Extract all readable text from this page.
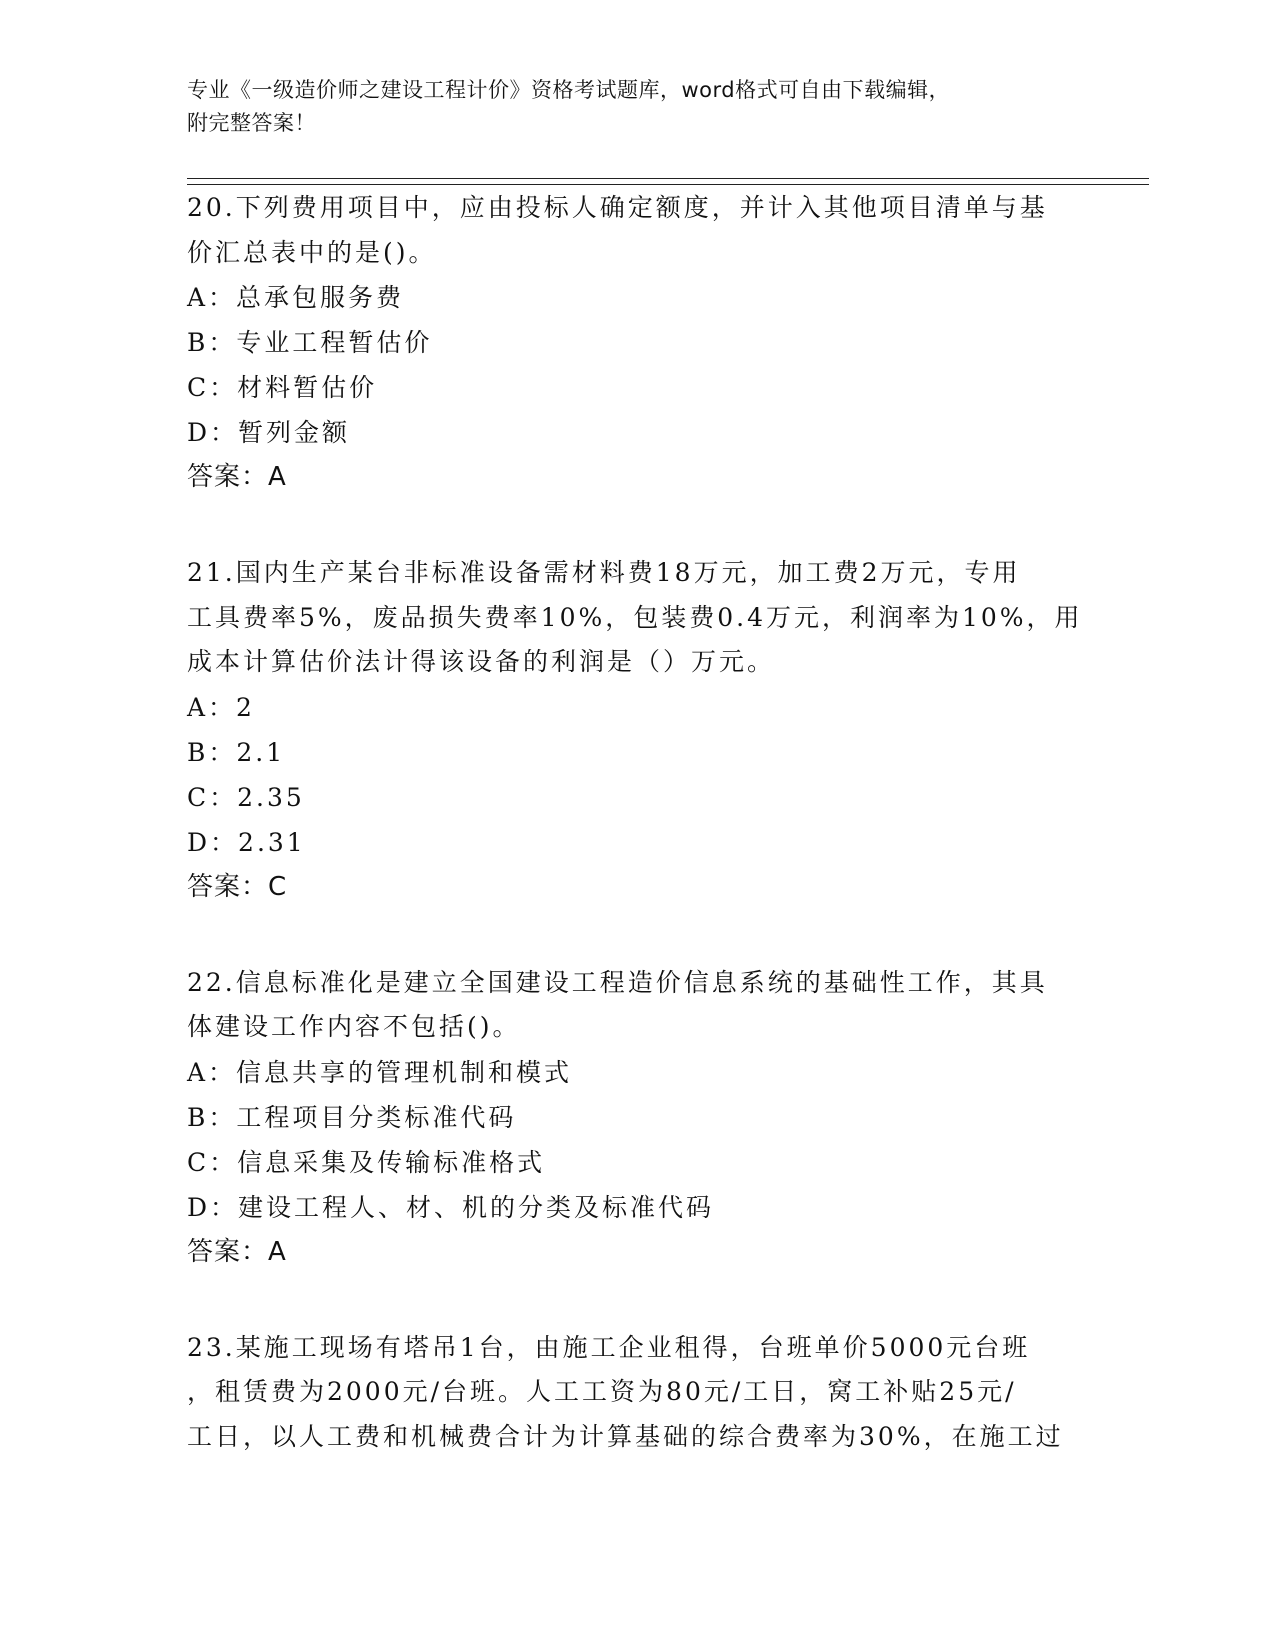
专业《一级造价师之建设工程计价》资格考试题库，word格式可自由下载编辑，
附完整答案！
20.下列费用项目中，应由投标人确定额度，并计入其他项目清单与基
价汇总表中的是()。
A：总承包服务费
B：专业工程暂估价
C：材料暂估价
D：暂列金额
答案：A
21.国内生产某台非标准设备需材料费18万元，加工费2万元，专用
工具费率5%，废品损失费率10%，包装费0.4万元，利润率为10%，用
成本计算估价法计得该设备的利润是（）万元。
A：2
B：2.1
C：2.35
D：2.31
答案：C
22.信息标准化是建立全国建设工程造价信息系统的基础性工作，其具
体建设工作内容不包括()。
A：信息共享的管理机制和模式
B：工程项目分类标准代码
C：信息采集及传输标准格式
D：建设工程人、材、机的分类及标准代码
答案：A
23.某施工现场有塔吊1台，由施工企业租得，台班单价5000元台班
，租赁费为2000元/台班。人工工资为80元/工日，窝工补贴25元/
工日，以人工费和机械费合计为计算基础的综合费率为30%，在施工过
